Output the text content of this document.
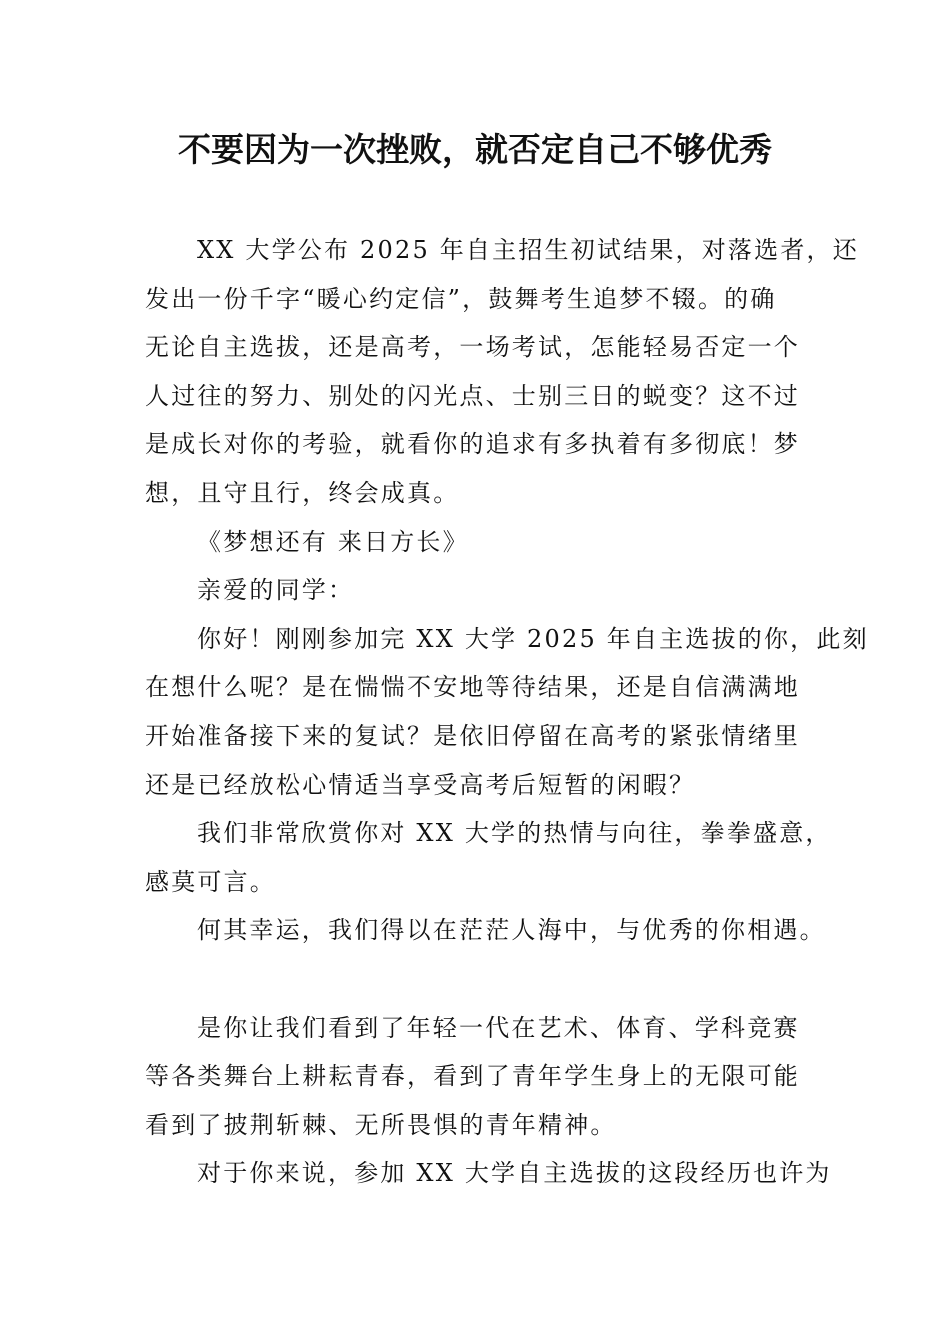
不要因为一次挫败，就否定自己不够优秀

XX 大学公布 2025 年自主招生初试结果，对落选者，还
发出一份千字“暖心约定信”，鼓舞考生追梦不辍。的确
无论自主选拔，还是高考，一场考试，怎能轻易否定一个
人过往的努力、别处的闪光点、士别三日的蜕变？这不过
是成长对你的考验，就看你的追求有多执着有多彻底！梦
想，且守且行，终会成真。

《梦想还有 来日方长》

亲爱的同学：

你好！刚刚参加完 XX 大学 2025 年自主选拔的你，此刻
在想什么呢？是在惴惴不安地等待结果，还是自信满满地
开始准备接下来的复试？是依旧停留在高考的紧张情绪里
还是已经放松心情适当享受高考后短暂的闲暇？

我们非常欣赏你对 XX 大学的热情与向往，拳拳盛意，
感莫可言。

何其幸运，我们得以在茫茫人海中，与优秀的你相遇。

是你让我们看到了年轻一代在艺术、体育、学科竞赛
等各类舞台上耕耘青春，看到了青年学生身上的无限可能
看到了披荆斩棘、无所畏惧的青年精神。

对于你来说，参加 XX 大学自主选拔的这段经历也许为
